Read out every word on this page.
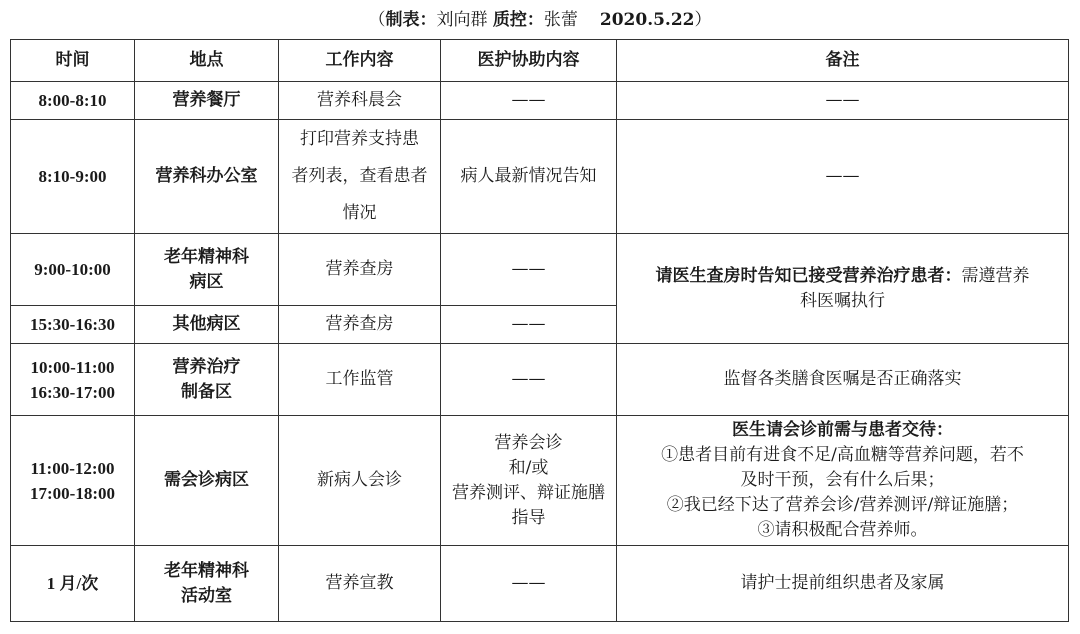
（制表：刘向群 质控：张蕾 2020.5.22）
时间	地点	工作内容	医护协助内容	备注

8:00-8:10	营养餐厅	营养科晨会	——	——

8:10-9:00	营养科办公室	打印营养支持患
者列表，查看患者
情况	病人最新情况告知	——

9:00-10:00	老年精神科
病区	营养查房	——	请医生查房时告知已接受营养治疗患者：需遵营养
科医嘱执行

15:30-16:30	其他病区	营养查房	——	

10:00-11:00
16:30-17:00	营养治疗
制备区	工作监管	——	监督各类膳食医嘱是否正确落实

11:00-12:00
17:00-18:00	需会诊病区	新病人会诊	营养会诊
和/或
营养测评、辩证施膳
指导	医生请会诊前需与患者交待：
①患者目前有进食不足/高血糖等营养问题，若不
及时干预，会有什么后果；
②我已经下达了营养会诊/营养测评/辩证施膳；
③请积极配合营养师。

1 月/次	老年精神科
活动室	营养宣教	——	请护士提前组织患者及家属
